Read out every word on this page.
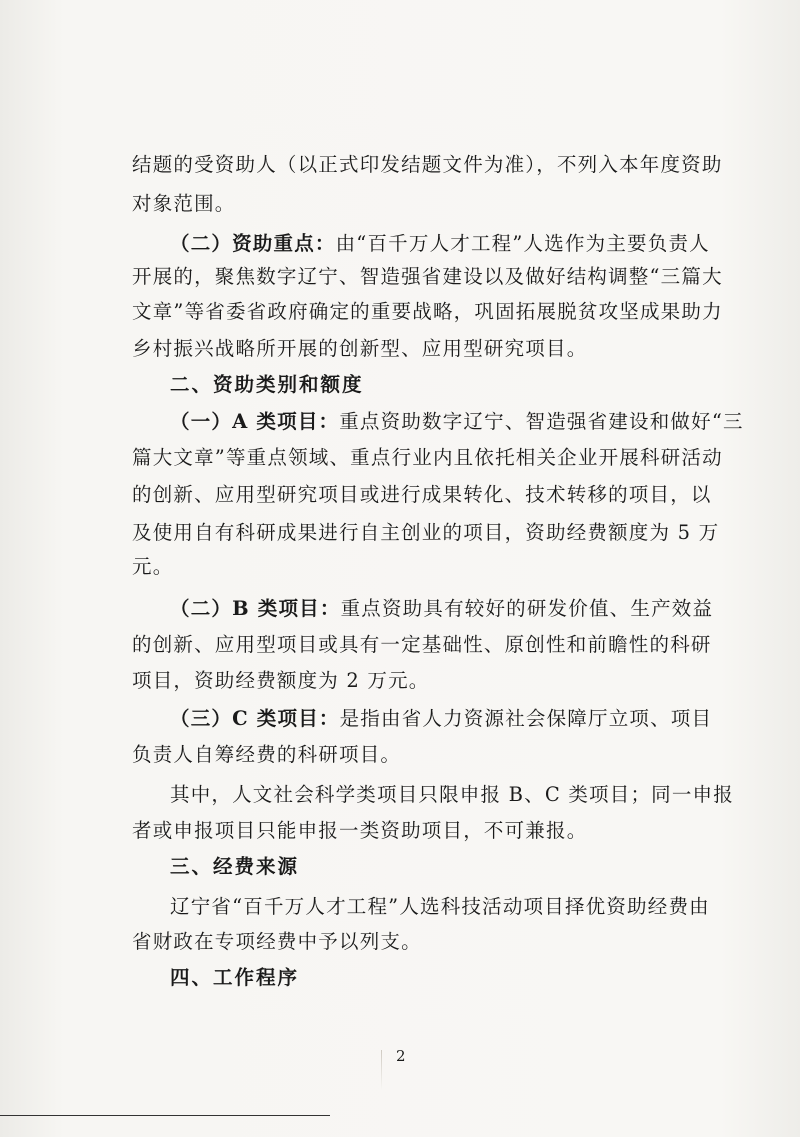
结题的受资助人（以正式印发结题文件为准），不列入本年度资助
对象范围。
（二）资助重点：由“百千万人才工程”人选作为主要负责人
开展的，聚焦数字辽宁、智造强省建设以及做好结构调整“三篇大
文章”等省委省政府确定的重要战略，巩固拓展脱贫攻坚成果助力
乡村振兴战略所开展的创新型、应用型研究项目。
二、资助类别和额度
（一）A 类项目：重点资助数字辽宁、智造强省建设和做好“三
篇大文章”等重点领域、重点行业内且依托相关企业开展科研活动
的创新、应用型研究项目或进行成果转化、技术转移的项目，以
及使用自有科研成果进行自主创业的项目，资助经费额度为 5 万
元。
（二）B 类项目：重点资助具有较好的研发价值、生产效益
的创新、应用型项目或具有一定基础性、原创性和前瞻性的科研
项目，资助经费额度为 2 万元。
（三）C 类项目：是指由省人力资源社会保障厅立项、项目
负责人自筹经费的科研项目。
其中，人文社会科学类项目只限申报 B、C 类项目；同一申报
者或申报项目只能申报一类资助项目，不可兼报。
三、经费来源
辽宁省“百千万人才工程”人选科技活动项目择优资助经费由
省财政在专项经费中予以列支。
四、工作程序
2
